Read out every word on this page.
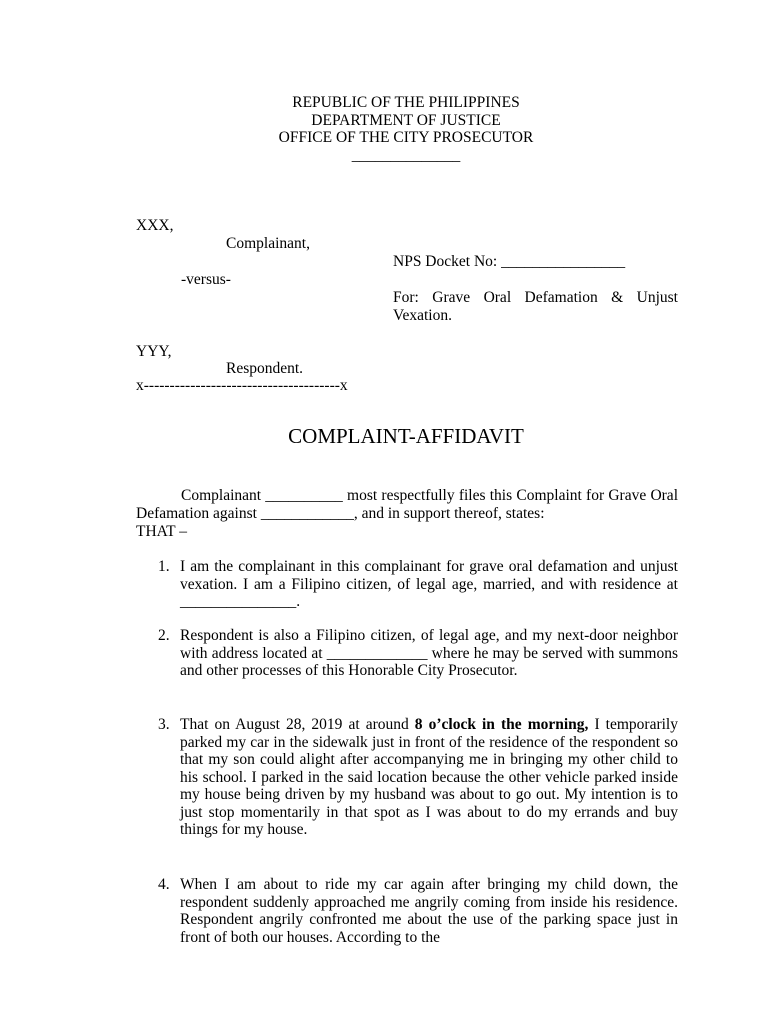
REPUBLIC OF THE PHILIPPINES
DEPARTMENT OF JUSTICE
OFFICE OF THE CITY PROSECUTOR
______________
XXX,
Complainant,
-versus-
YYY,
Respondent.
x--------------------------------------x
NPS Docket No: ________________
For: Grave Oral Defamation & Unjust Vexation.
COMPLAINT-AFFIDAVIT
Complainant __________ most respectfully files this Complaint for Grave Oral Defamation against ____________, and in support thereof, states:
THAT –
1. I am the complainant in this complainant for grave oral defamation and unjust vexation. I am a Filipino citizen, of legal age, married, and with residence at _______________.
2. Respondent is also a Filipino citizen, of legal age, and my next-door neighbor with address located at _____________ where he may be served with summons and other processes of this Honorable City Prosecutor.
3. That on August 28, 2019 at around 8 o’clock in the morning, I temporarily parked my car in the sidewalk just in front of the residence of the respondent so that my son could alight after accompanying me in bringing my other child to his school. I parked in the said location because the other vehicle parked inside my house being driven by my husband was about to go out. My intention is to just stop momentarily in that spot as I was about to do my errands and buy things for my house.
4. When I am about to ride my car again after bringing my child down, the respondent suddenly approached me angrily coming from inside his residence. Respondent angrily confronted me about the use of the parking space just in front of both our houses. According to the
